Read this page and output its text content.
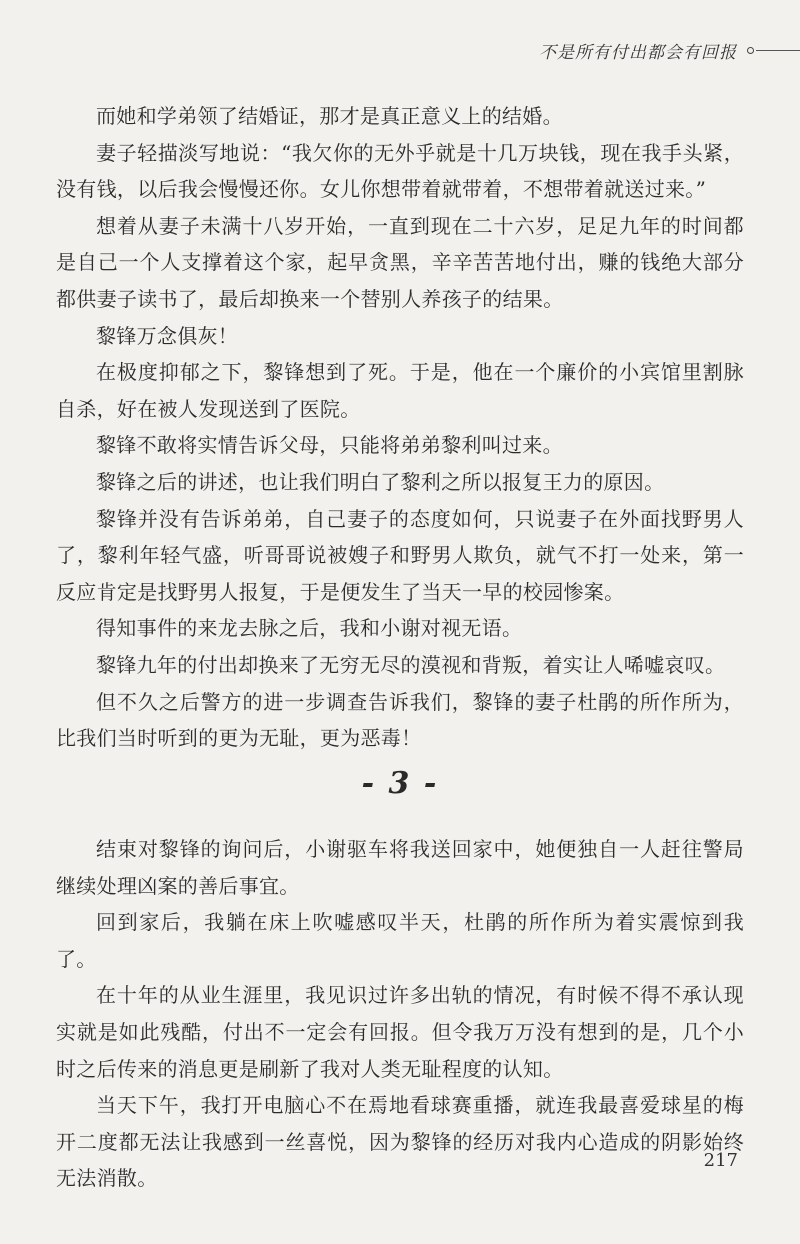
不是所有付出都会有回报

而她和学弟领了结婚证，那才是真正意义上的结婚。

妻子轻描淡写地说：“我欠你的无外乎就是十几万块钱，现在我手头紧，没有钱，以后我会慢慢还你。女儿你想带着就带着，不想带着就送过来。”

想着从妻子未满十八岁开始，一直到现在二十六岁，足足九年的时间都是自己一个人支撑着这个家，起早贪黑，辛辛苦苦地付出，赚的钱绝大部分都供妻子读书了，最后却换来一个替别人养孩子的结果。

黎锋万念俱灰！

在极度抑郁之下，黎锋想到了死。于是，他在一个廉价的小宾馆里割脉自杀，好在被人发现送到了医院。

黎锋不敢将实情告诉父母，只能将弟弟黎利叫过来。

黎锋之后的讲述，也让我们明白了黎利之所以报复王力的原因。

黎锋并没有告诉弟弟，自己妻子的态度如何，只说妻子在外面找野男人了，黎利年轻气盛，听哥哥说被嫂子和野男人欺负，就气不打一处来，第一反应肯定是找野男人报复，于是便发生了当天一早的校园惨案。

得知事件的来龙去脉之后，我和小谢对视无语。

黎锋九年的付出却换来了无穷无尽的漠视和背叛，着实让人唏嘘哀叹。

但不久之后警方的进一步调查告诉我们，黎锋的妻子杜鹃的所作所为，比我们当时听到的更为无耻，更为恶毒！

- 3 -

结束对黎锋的询问后，小谢驱车将我送回家中，她便独自一人赶往警局继续处理凶案的善后事宜。

回到家后，我躺在床上吹嘘感叹半天，杜鹃的所作所为着实震惊到我了。

在十年的从业生涯里，我见识过许多出轨的情况，有时候不得不承认现实就是如此残酷，付出不一定会有回报。但令我万万没有想到的是，几个小时之后传来的消息更是刷新了我对人类无耻程度的认知。

当天下午，我打开电脑心不在焉地看球赛重播，就连我最喜爱球星的梅开二度都无法让我感到一丝喜悦，因为黎锋的经历对我内心造成的阴影始终无法消散。

217
